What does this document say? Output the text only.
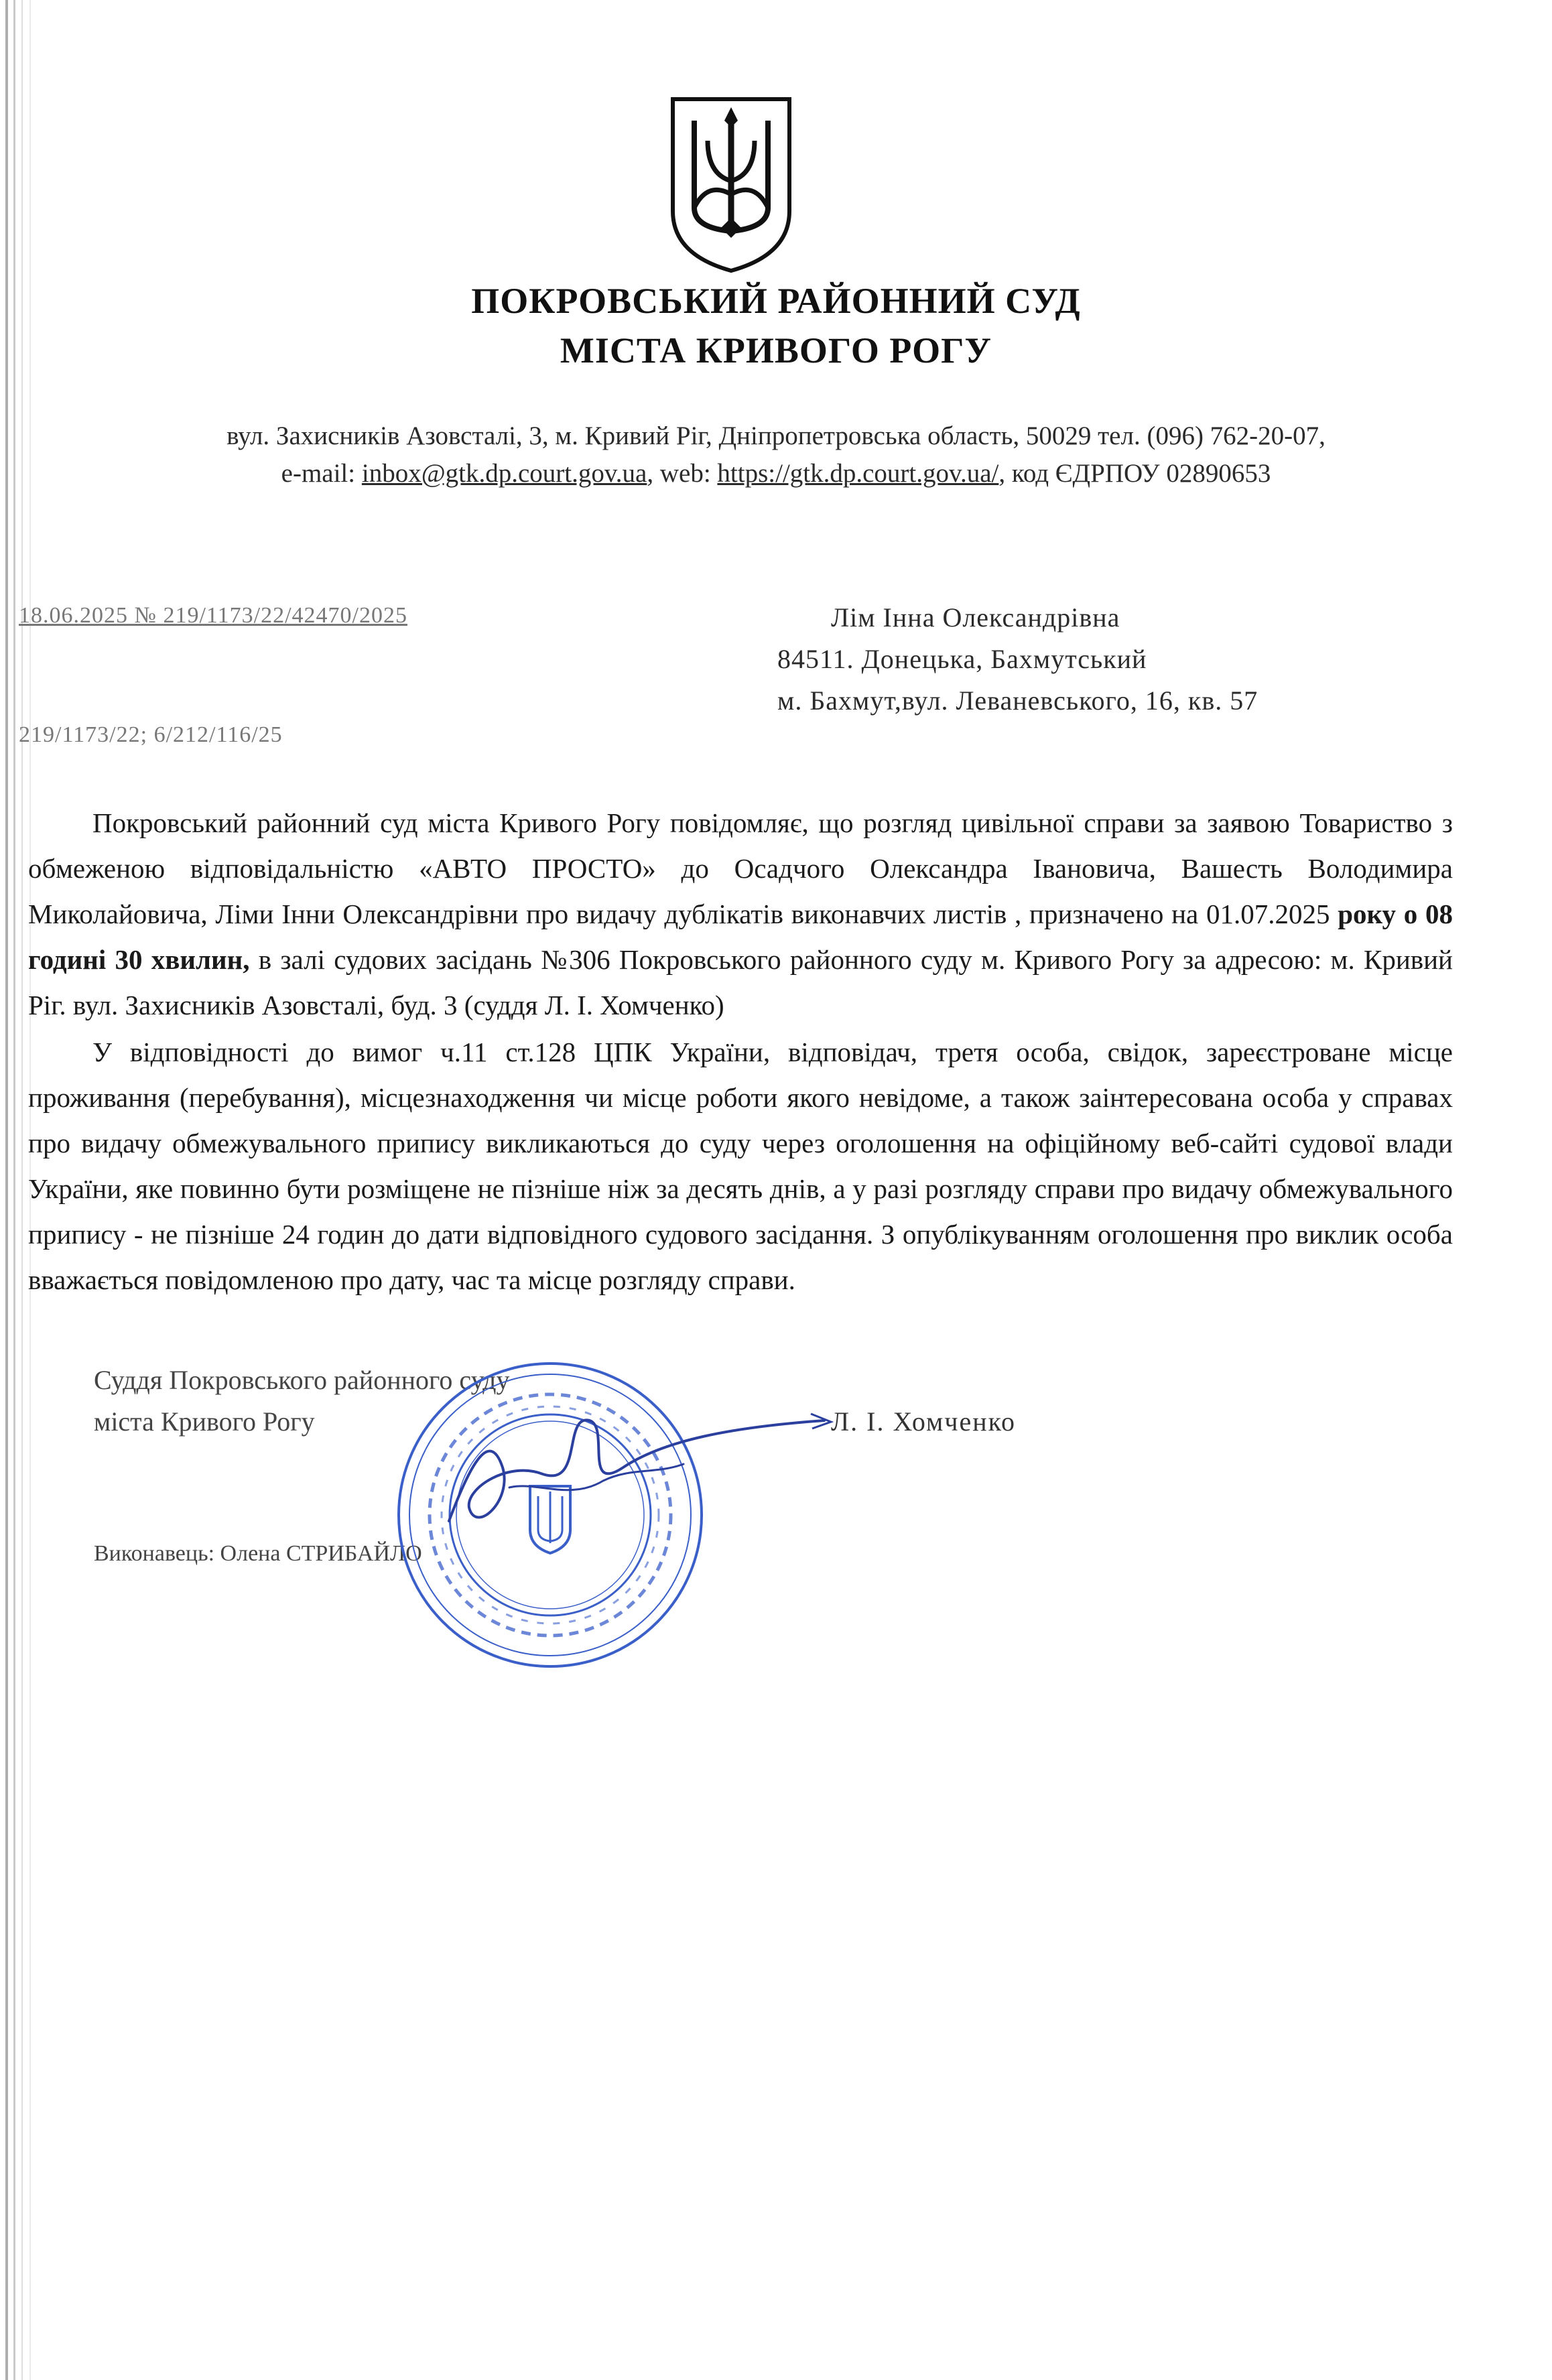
ПОКРОВСЬКИЙ РАЙОННИЙ СУД
МІСТА КРИВОГО РОГУ
вул. Захисників Азовсталі, 3, м. Кривий Ріг, Дніпропетровська область, 50029 тел. (096) 762-20-07,
e-mail: inbox@gtk.dp.court.gov.ua, web: https://gtk.dp.court.gov.ua/, код ЄДРПОУ 02890653
18.06.2025 № 219/1173/22/42470/2025
219/1173/22; 6/212/116/25
Лім Інна Олександрівна
84511. Донецька, Бахмутський
м. Бахмут,вул. Леваневського, 16, кв. 57

Покровський районний суд міста Кривого Рогу повідомляє, що розгляд цивільної справи за заявою Товариство з обмеженою відповідальністю «АВТО ПРОСТО» до Осадчого Олександра Івановича, Вашесть Володимира Миколайовича, Ліми Інни Олександрівни про видачу дублікатів виконавчих листів , призначено на 01.07.2025 року о 08 годині 30 хвилин, в залі судових засідань №306 Покровського районного суду м. Кривого Рогу за адресою: м. Кривий Ріг. вул. Захисників Азовсталі, буд. 3 (суддя Л. І. Хомченко)

У відповідності до вимог ч.11 ст.128 ЦПК України, відповідач, третя особа, свідок, зареєстроване місце проживання (перебування), місцезнаходження чи місце роботи якого невідоме, а також заінтересована особа у справах про видачу обмежувального припису викликаються до суду через оголошення на офіційному веб-сайті судової влади України, яке повинно бути розміщене не пізніше ніж за десять днів, а у разі розгляду справи про видачу обмежувального припису - не пізніше 24 годин до дати відповідного судового засідання. З опублікуванням оголошення про виклик особа вважається повідомленою про дату, час та місце розгляду справи.

Суддя Покровського районного суду
міста Кривого Рогу	Л. І. Хомченко
Виконавець: Олена СТРИБАЙЛО
